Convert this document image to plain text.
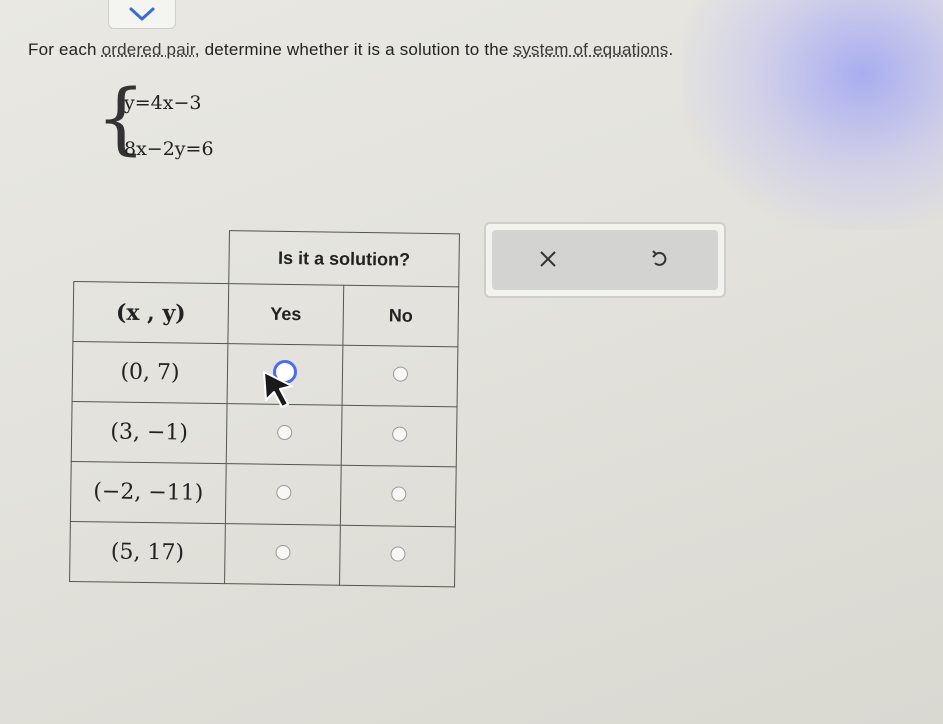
For each ordered pair, determine whether it is a solution to the system of equations.
{
y=4x−3
8x−2y=6
	Is it a solution?	
(x , y)	Yes	No
(0, 7)		
(3, −1)		
(−2, −11)		
(5, 17)		
